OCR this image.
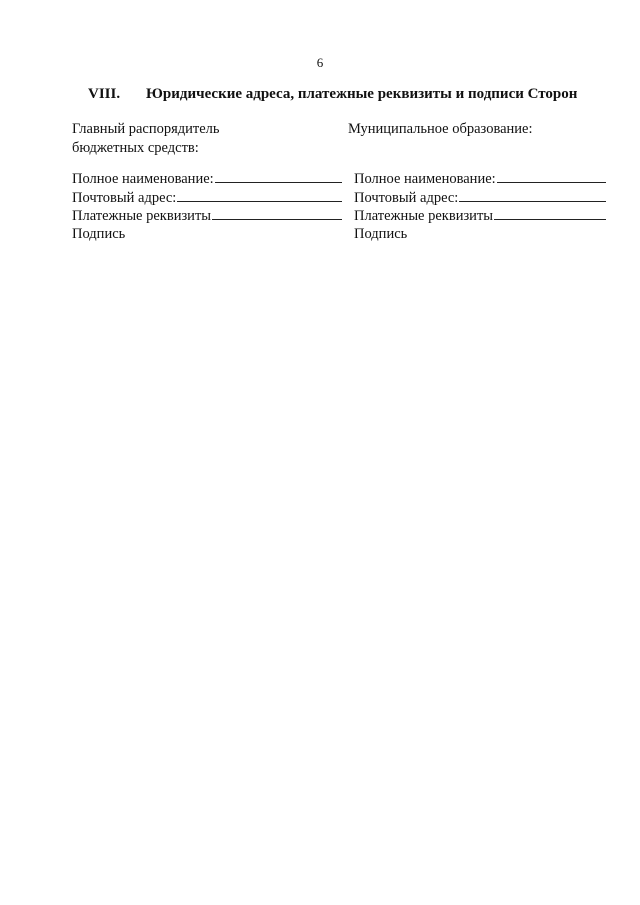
6
VIII. Юридические адреса, платежные реквизиты и подписи Сторон
Главный распорядитель
бюджетных средств:
Муниципальное образование:
Полное наименование:
Почтовый адрес:
Платежные реквизиты
Подпись
Полное наименование:
Почтовый адрес:
Платежные реквизиты
Подпись
